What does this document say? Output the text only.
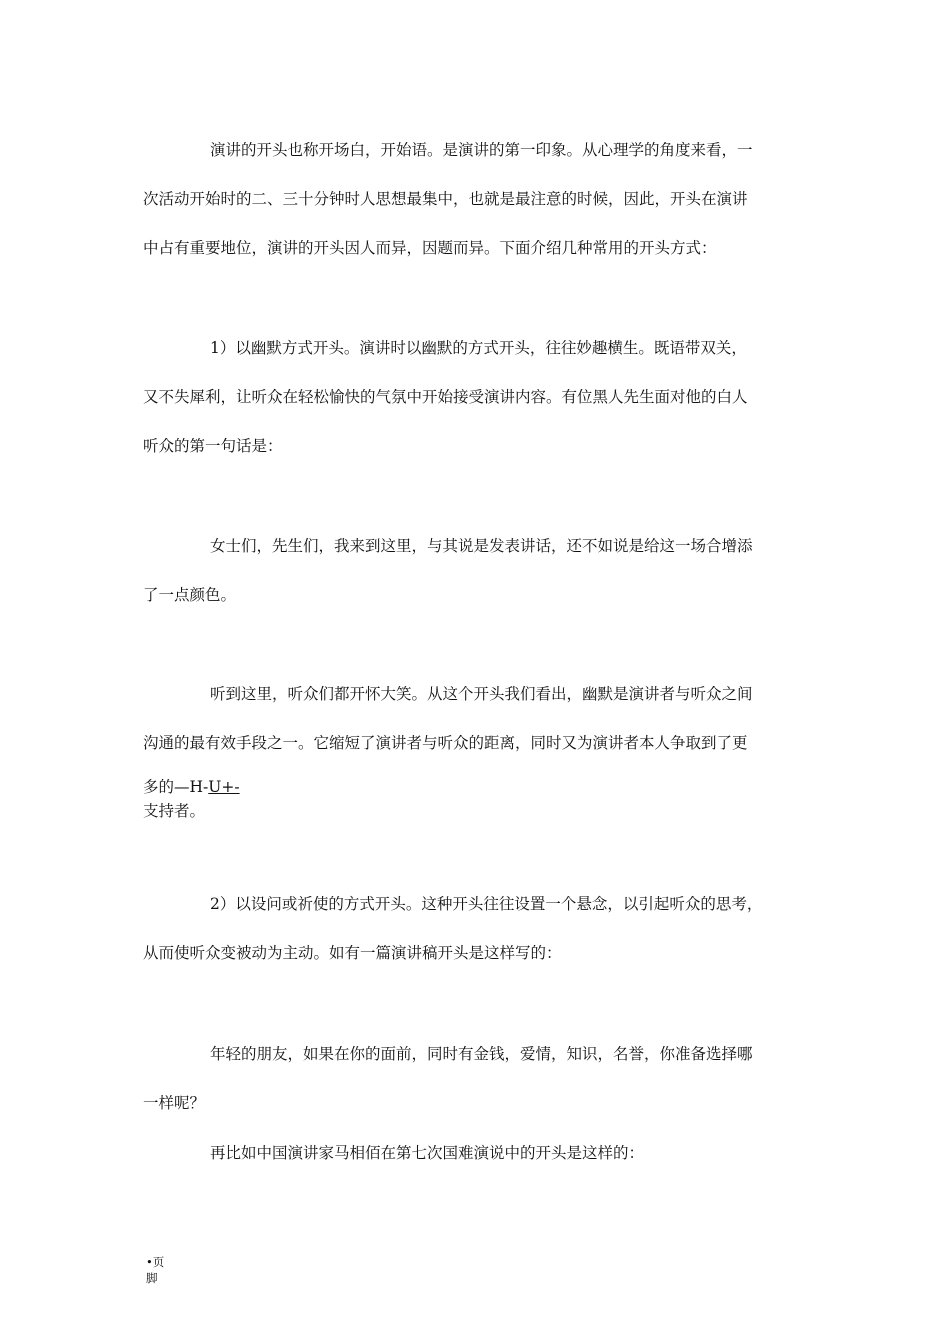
演讲的开头也称开场白，开始语。是演讲的第一印象。从心理学的角度来看，一

次活动开始时的二、三十分钟时人思想最集中，也就是最注意的时候，因此，开头在演讲

中占有重要地位，演讲的开头因人而异，因题而异。下面介绍几种常用的开头方式：

1）以幽默方式开头。演讲时以幽默的方式开头，往往妙趣横生。既语带双关，

又不失犀利，让听众在轻松愉快的气氛中开始接受演讲内容。有位黑人先生面对他的白人

听众的第一句话是：

女士们，先生们，我来到这里，与其说是发表讲话，还不如说是给这一场合增添

了一点颜色。

听到这里，听众们都开怀大笑。从这个开头我们看出，幽默是演讲者与听众之间

沟通的最有效手段之一。它缩短了演讲者与听众的距离，同时又为演讲者本人争取到了更

多的—H-U+-

支持者。

2）以设问或祈使的方式开头。这种开头往往设置一个悬念，以引起听众的思考，

从而使听众变被动为主动。如有一篇演讲稿开头是这样写的：

年轻的朋友，如果在你的面前，同时有金钱，爱情，知识，名誉，你准备选择哪

一样呢？

再比如中国演讲家马相佰在第七次国难演说中的开头是这样的：

•页
脚
